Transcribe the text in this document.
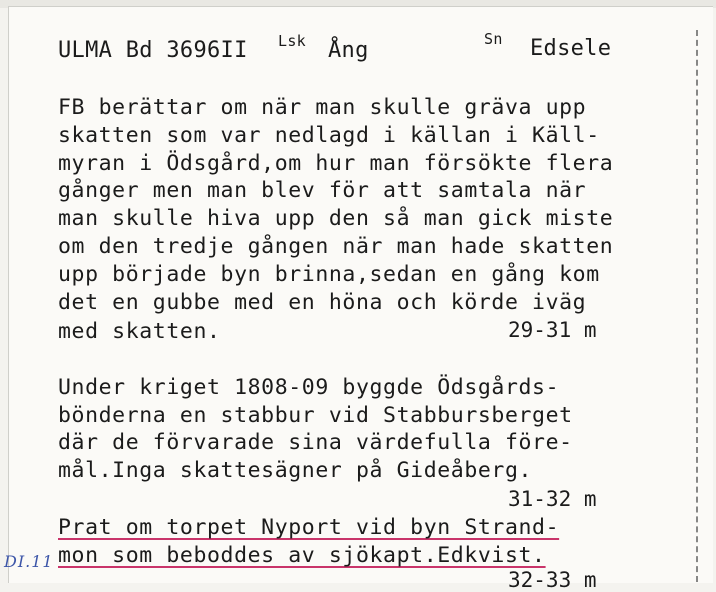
ULMA Bd 3696II Lsk Ång	Sn Edsele
FB berättar om när man skulle gräva upp
skatten som var nedlagd i källan i Käll-
myran i Ödsgård,om hur man försökte flera
gånger men man blev för att samtala när
man skulle hiva upp den så man gick miste
om den tredje gången när man hade skatten
upp började byn brinna,sedan en gång kom
det en gubbe med en höna och körde iväg
med skatten.	29-31 m
Under kriget 1808-09 byggde Ödsgårds-
bönderna en stabbur vid Stabbursberget
där de förvarade sina värdefulla före-
mål.Inga skattesägner på Gideåberg.
31-32 m
Prat om torpet Nyport vid byn Strand-
mon som beboddes av sjökapt.Edkvist.
32-33 m
DI.11
